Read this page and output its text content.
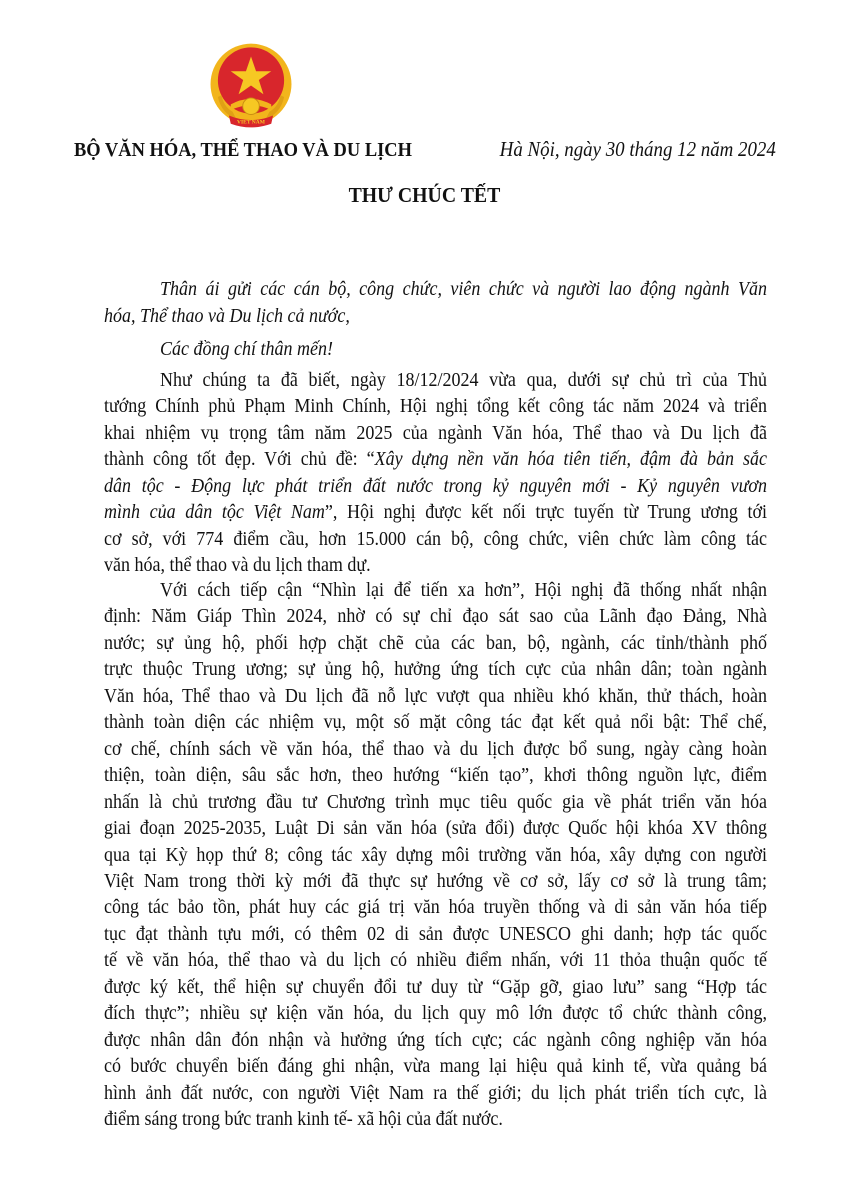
VIET NAM
BỘ VĂN HÓA, THỂ THAO VÀ DU LỊCH	Hà Nội, ngày 30 tháng 12 năm 2024
THƯ CHÚC TẾT
Thân ái gửi các cán bộ, công chức, viên chức và người lao động ngành Văn
hóa, Thể thao và Du lịch cả nước,
Các đồng chí thân mến!
Như chúng ta đã biết, ngày 18/12/2024 vừa qua, dưới sự chủ trì của Thủ
tướng Chính phủ Phạm Minh Chính, Hội nghị tổng kết công tác năm 2024 và triển
khai nhiệm vụ trọng tâm năm 2025 của ngành Văn hóa, Thể thao và Du lịch đã
thành công tốt đẹp. Với chủ đề: “Xây dựng nền văn hóa tiên tiến, đậm đà bản sắc
dân tộc - Động lực phát triển đất nước trong kỷ nguyên mới - Kỷ nguyên vươn
mình của dân tộc Việt Nam”, Hội nghị được kết nối trực tuyến từ Trung ương tới
cơ sở, với 774 điểm cầu, hơn 15.000 cán bộ, công chức, viên chức làm công tác
văn hóa, thể thao và du lịch tham dự.
Với cách tiếp cận “Nhìn lại để tiến xa hơn”, Hội nghị đã thống nhất nhận
định: Năm Giáp Thìn 2024, nhờ có sự chỉ đạo sát sao của Lãnh đạo Đảng, Nhà
nước; sự ủng hộ, phối hợp chặt chẽ của các ban, bộ, ngành, các tỉnh/thành phố
trực thuộc Trung ương; sự ủng hộ, hưởng ứng tích cực của nhân dân; toàn ngành
Văn hóa, Thể thao và Du lịch đã nỗ lực vượt qua nhiều khó khăn, thử thách, hoàn
thành toàn diện các nhiệm vụ, một số mặt công tác đạt kết quả nổi bật: Thể chế,
cơ chế, chính sách về văn hóa, thể thao và du lịch được bổ sung, ngày càng hoàn
thiện, toàn diện, sâu sắc hơn, theo hướng “kiến tạo”, khơi thông nguồn lực, điểm
nhấn là chủ trương đầu tư Chương trình mục tiêu quốc gia về phát triển văn hóa
giai đoạn 2025-2035, Luật Di sản văn hóa (sửa đổi) được Quốc hội khóa XV thông
qua tại Kỳ họp thứ 8; công tác xây dựng môi trường văn hóa, xây dựng con người
Việt Nam trong thời kỳ mới đã thực sự hướng về cơ sở, lấy cơ sở là trung tâm;
công tác bảo tồn, phát huy các giá trị văn hóa truyền thống và di sản văn hóa tiếp
tục đạt thành tựu mới, có thêm 02 di sản được UNESCO ghi danh; hợp tác quốc
tế về văn hóa, thể thao và du lịch có nhiều điểm nhấn, với 11 thỏa thuận quốc tế
được ký kết, thể hiện sự chuyển đổi tư duy từ “Gặp gỡ, giao lưu” sang “Hợp tác
đích thực”; nhiều sự kiện văn hóa, du lịch quy mô lớn được tổ chức thành công,
được nhân dân đón nhận và hưởng ứng tích cực; các ngành công nghiệp văn hóa
có bước chuyển biến đáng ghi nhận, vừa mang lại hiệu quả kinh tế, vừa quảng bá
hình ảnh đất nước, con người Việt Nam ra thế giới; du lịch phát triển tích cực, là
điểm sáng trong bức tranh kinh tế- xã hội của đất nước.
